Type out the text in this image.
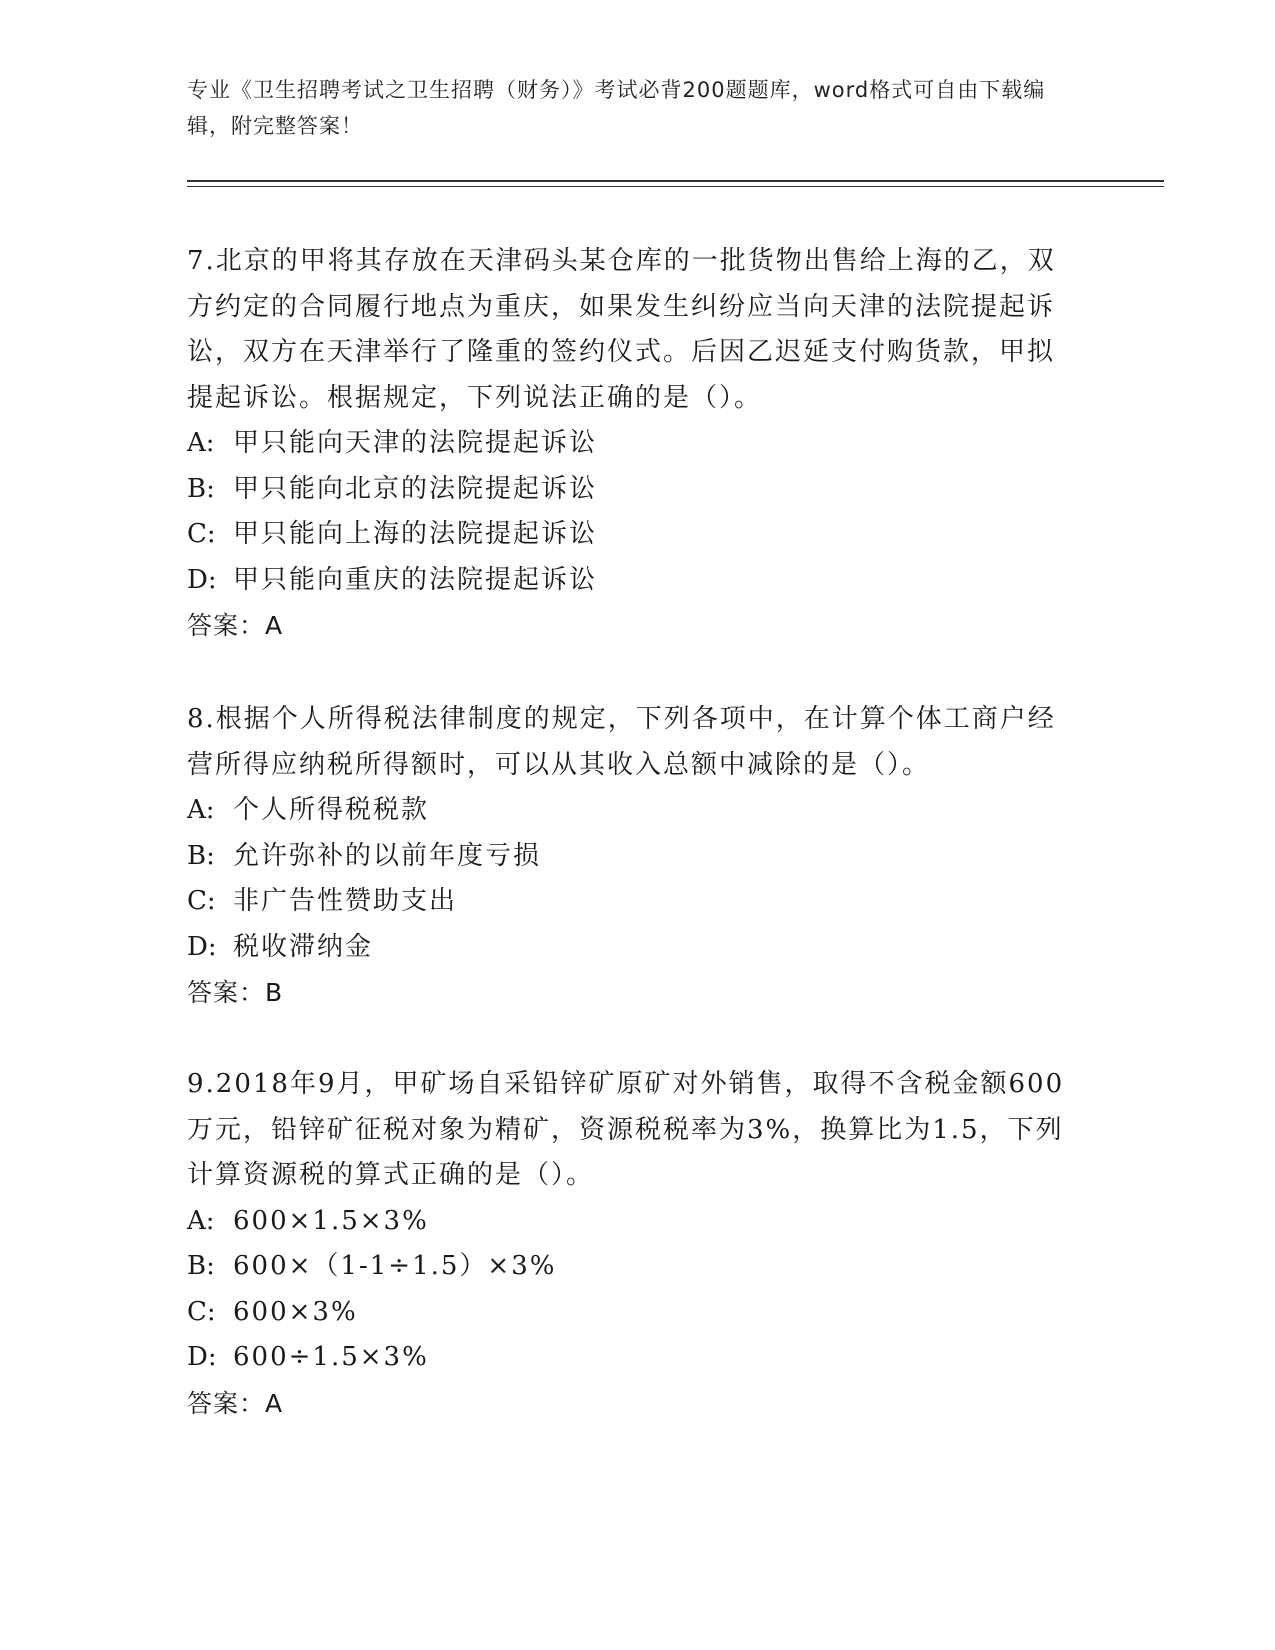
专业《卫生招聘考试之卫生招聘（财务）》考试必背200题题库，word格式可自由下载编辑，附完整答案！

7.北京的甲将其存放在天津码头某仓库的一批货物出售给上海的乙，双方约定的合同履行地点为重庆，如果发生纠纷应当向天津的法院提起诉讼，双方在天津举行了隆重的签约仪式。后因乙迟延支付购货款，甲拟提起诉讼。根据规定，下列说法正确的是（）。

A: 甲只能向天津的法院提起诉讼

B: 甲只能向北京的法院提起诉讼

C: 甲只能向上海的法院提起诉讼

D: 甲只能向重庆的法院提起诉讼

答案：A

8.根据个人所得税法律制度的规定，下列各项中，在计算个体工商户经营所得应纳税所得额时，可以从其收入总额中减除的是（）。

A: 个人所得税税款

B: 允许弥补的以前年度亏损

C: 非广告性赞助支出

D: 税收滞纳金

答案：B

9.2018年9月，甲矿场自采铅锌矿原矿对外销售，取得不含税金额600万元，铅锌矿征税对象为精矿，资源税税率为3%，换算比为1.5，下列计算资源税的算式正确的是（）。

A: 600×1.5×3%

B: 600×（1-1÷1.5）×3%

C: 600×3%

D: 600÷1.5×3%

答案：A
